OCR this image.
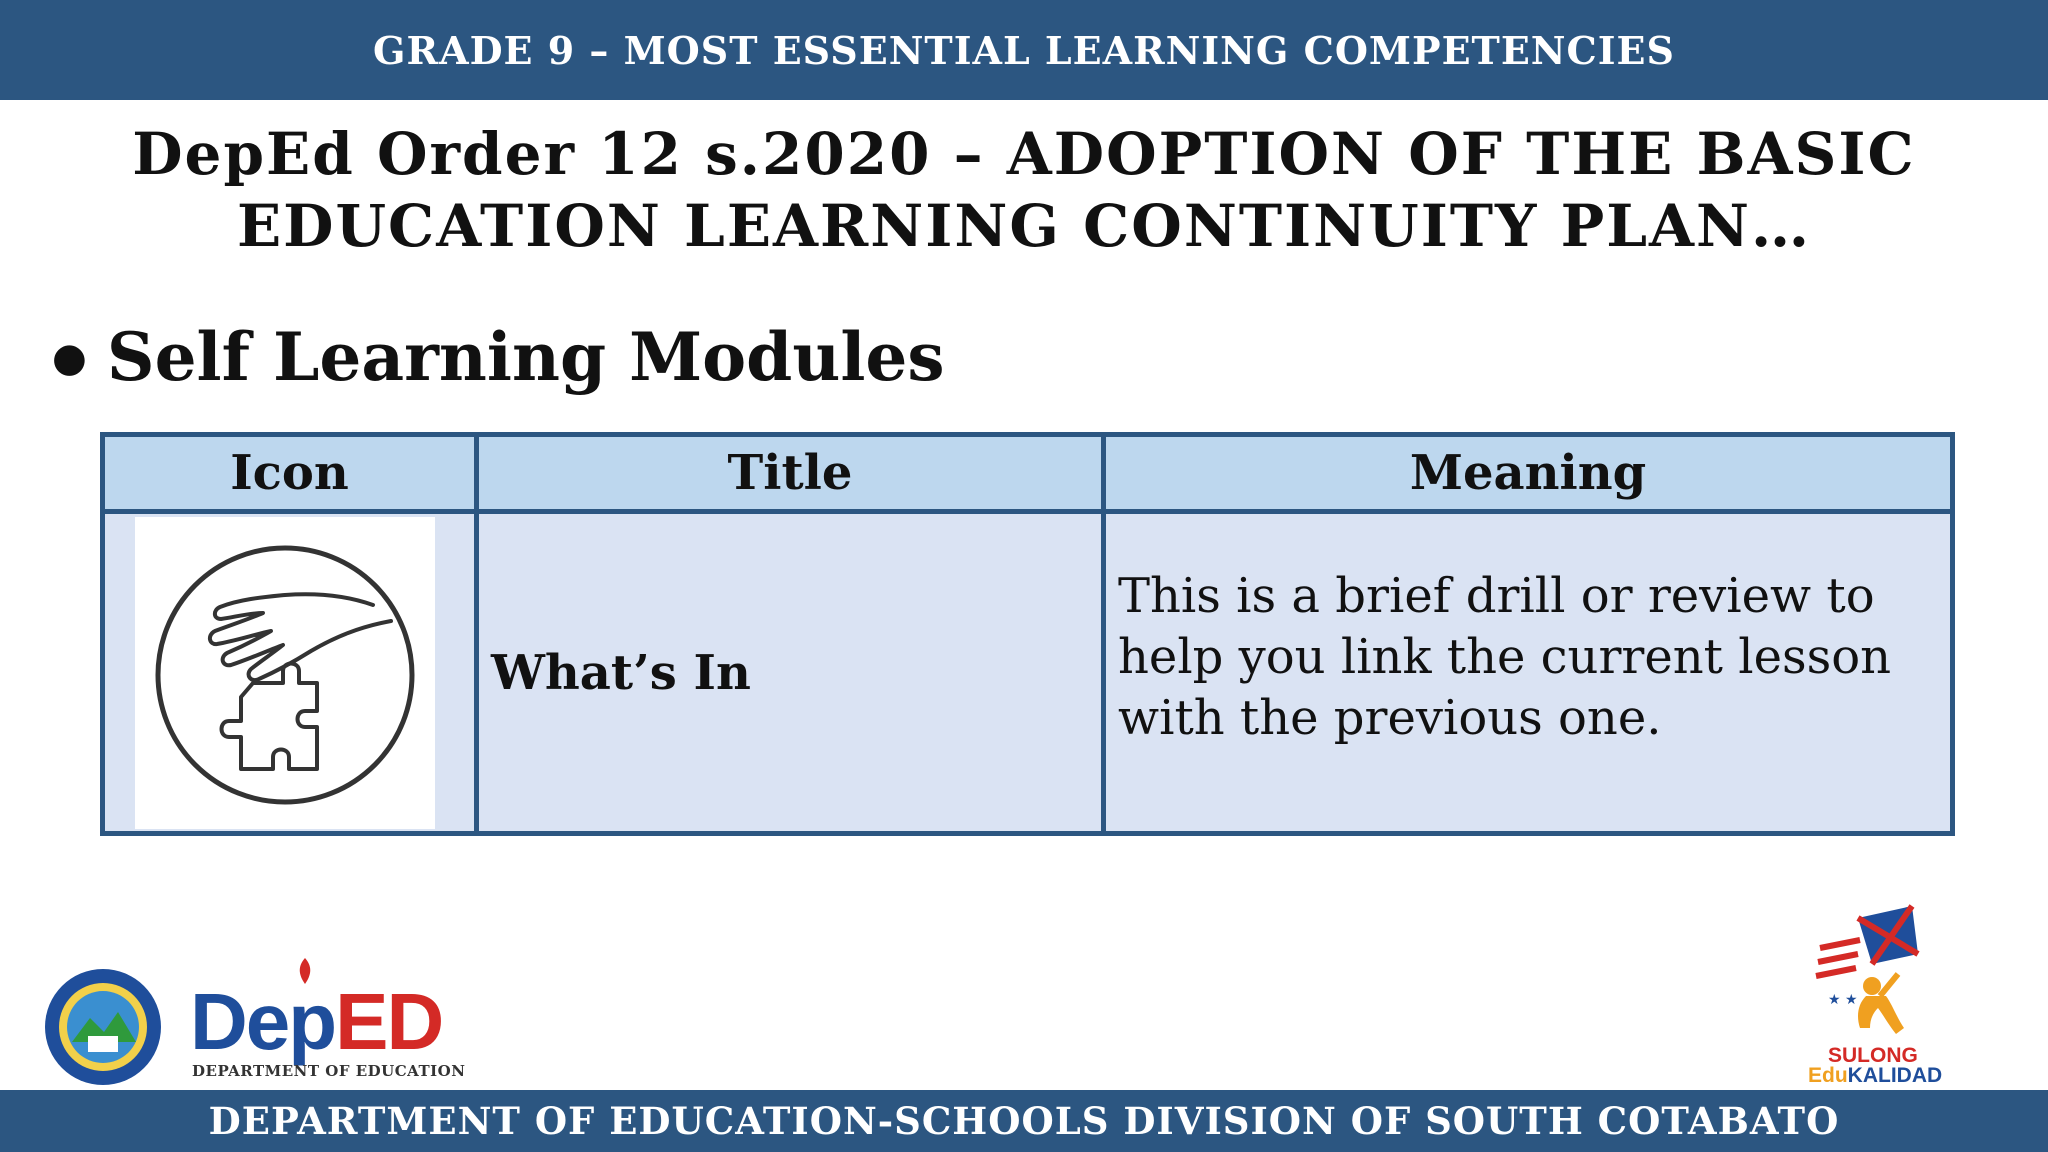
GRADE 9 – MOST ESSENTIAL LEARNING COMPETENCIES
DepEd Order 12 s.2020 – ADOPTION OF THE BASIC
EDUCATION LEARNING CONTINUITY PLAN…
● Self Learning Modules
Icon	Title	Meaning

	What’s In	This is a brief drill or review to help you link the current lesson with the previous one.
DepED
DEPARTMENT OF EDUCATION
★ ★
SULONG
EduKALIDAD
DEPARTMENT OF EDUCATION-SCHOOLS DIVISION OF SOUTH COTABATO
